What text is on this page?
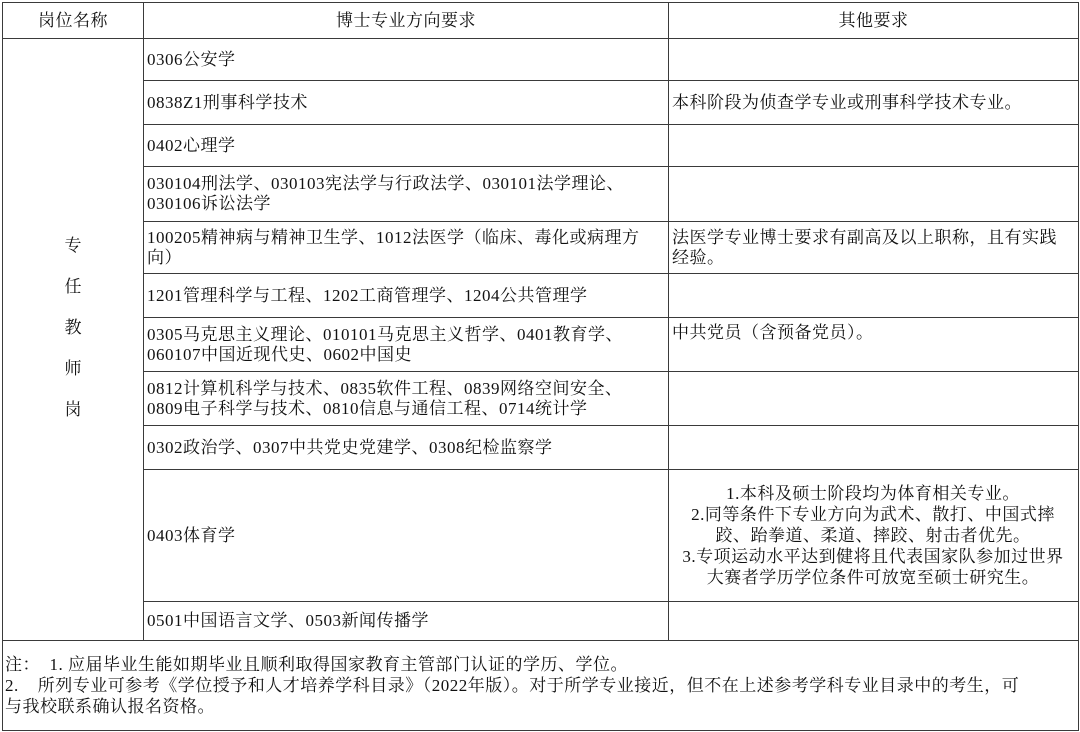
岗位名称	博士专业方向要求	其他要求

专任教师岗	0306公安学	

	0838Z1刑事科学技术	本科阶段为侦查学专业或刑事科学技术专业。

	0402心理学	

	030104刑法学、030103宪法学与行政法学、030101法学理论、
030106诉讼法学	

	100205精神病与精神卫生学、1012法医学（临床、毒化或病理方
向）	法医学专业博士要求有副高及以上职称，且有实践
经验。

	1201管理科学与工程、1202工商管理学、1204公共管理学	

	0305马克思主义理论、010101马克思主义哲学、0401教育学、
060107中国近现代史、0602中国史	中共党员（含预备党员）。

	0812计算机科学与技术、0835软件工程、0839网络空间安全、
0809电子科学与技术、0810信息与通信工程、0714统计学	

	0302政治学、0307中共党史党建学、0308纪检监察学	

	0403体育学	1.本科及硕士阶段均为体育相关专业。
2.同等条件下专业方向为武术、散打、中国式摔
跤、跆拳道、柔道、摔跤、射击者优先。
3.专项运动水平达到健将且代表国家队参加过世界
大赛者学历学位条件可放宽至硕士研究生。

	0501中国语言文学、0503新闻传播学	

注：  1. 应届毕业生能如期毕业且顺利取得国家教育主管部门认证的学历、学位。
2.    所列专业可参考《学位授予和人才培养学科目录》（2022年版）。对于所学专业接近，但不在上述参考学科专业目录中的考生，可
与我校联系确认报名资格。		
